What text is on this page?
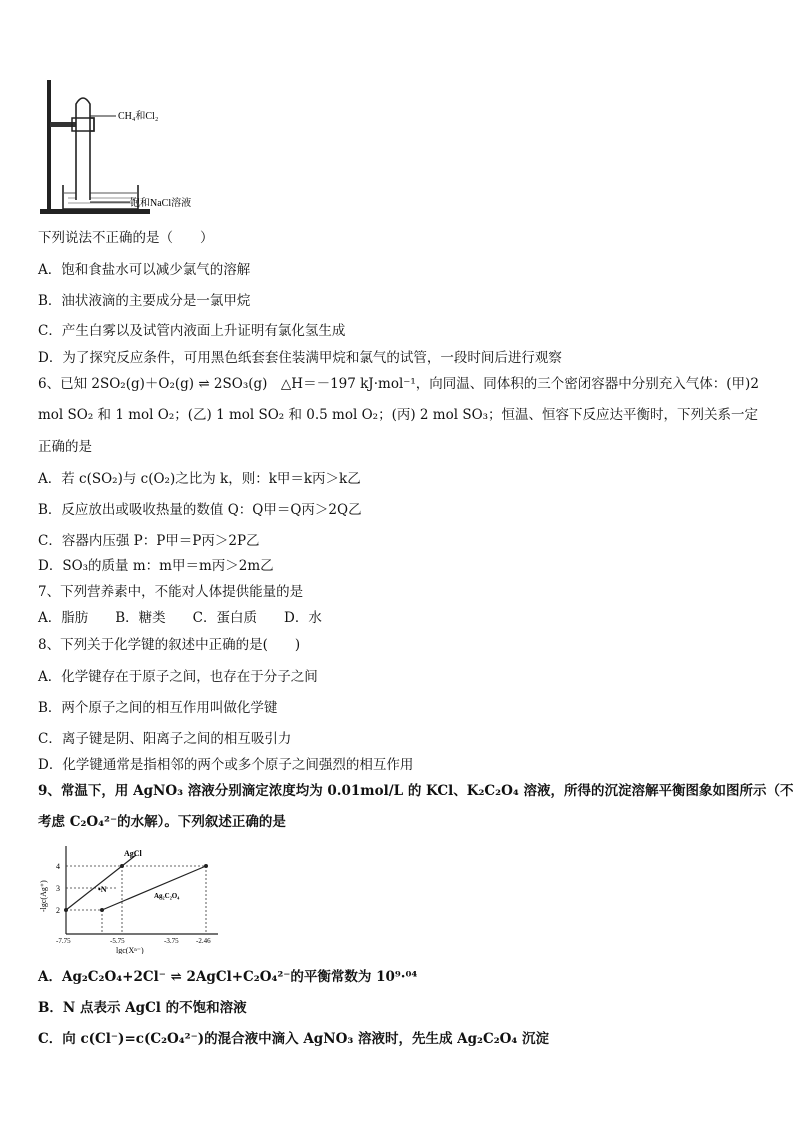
CH₄和Cl₂
饱和NaCl溶液
下列说法不正确的是（　　）
A．饱和食盐水可以减少氯气的溶解
B．油状液滴的主要成分是一氯甲烷
C．产生白雾以及试管内液面上升证明有氯化氢生成
D．为了探究反应条件，可用黑色纸套套住装满甲烷和氯气的试管，一段时间后进行观察
6、已知 2SO₂(g)＋O₂(g) ⇌ 2SO₃(g)　△H＝－197 kJ·mol⁻¹，向同温、同体积的三个密闭容器中分别充入气体：(甲)2
mol SO₂ 和 1 mol O₂；(乙) 1 mol SO₂ 和 0.5 mol O₂；(丙) 2 mol SO₃；恒温、恒容下反应达平衡时，下列关系一定
正确的是
A．若 c(SO₂)与 c(O₂)之比为 k，则：k甲＝k丙＞k乙
B．反应放出或吸收热量的数值 Q：Q甲＝Q丙＞2Q乙
C．容器内压强 P：P甲＝P丙＞2P乙
D．SO₃的质量 m：m甲＝m丙＞2m乙
7、下列营养素中，不能对人体提供能量的是
A．脂肪　　B．糖类　　C．蛋白质　　D．水
8、下列关于化学键的叙述中正确的是(　　)
A．化学键存在于原子之间，也存在于分子之间
B．两个原子之间的相互作用叫做化学键
C．离子键是阴、阳离子之间的相互吸引力
D．化学键通常是指相邻的两个或多个原子之间强烈的相互作用
9、常温下，用 AgNO₃ 溶液分别滴定浓度均为 0.01mol/L 的 KCl、K₂C₂O₄ 溶液，所得的沉淀溶解平衡图象如图所示（不
考虑 C₂O₄²⁻的水解）。下列叙述正确的是
-lgc(Ag⁺)
4
3
2
AgCl
Ag₂C₂O₄
•N
-7.75	-5.75	-3.75 -2.46
lgc(Xⁿ⁻)
A．Ag₂C₂O₄+2Cl⁻ ⇌ 2AgCl+C₂O₄²⁻的平衡常数为 10⁹·⁰⁴
B．N 点表示 AgCl 的不饱和溶液
C．向 c(Cl⁻)=c(C₂O₄²⁻)的混合液中滴入 AgNO₃ 溶液时，先生成 Ag₂C₂O₄ 沉淀
